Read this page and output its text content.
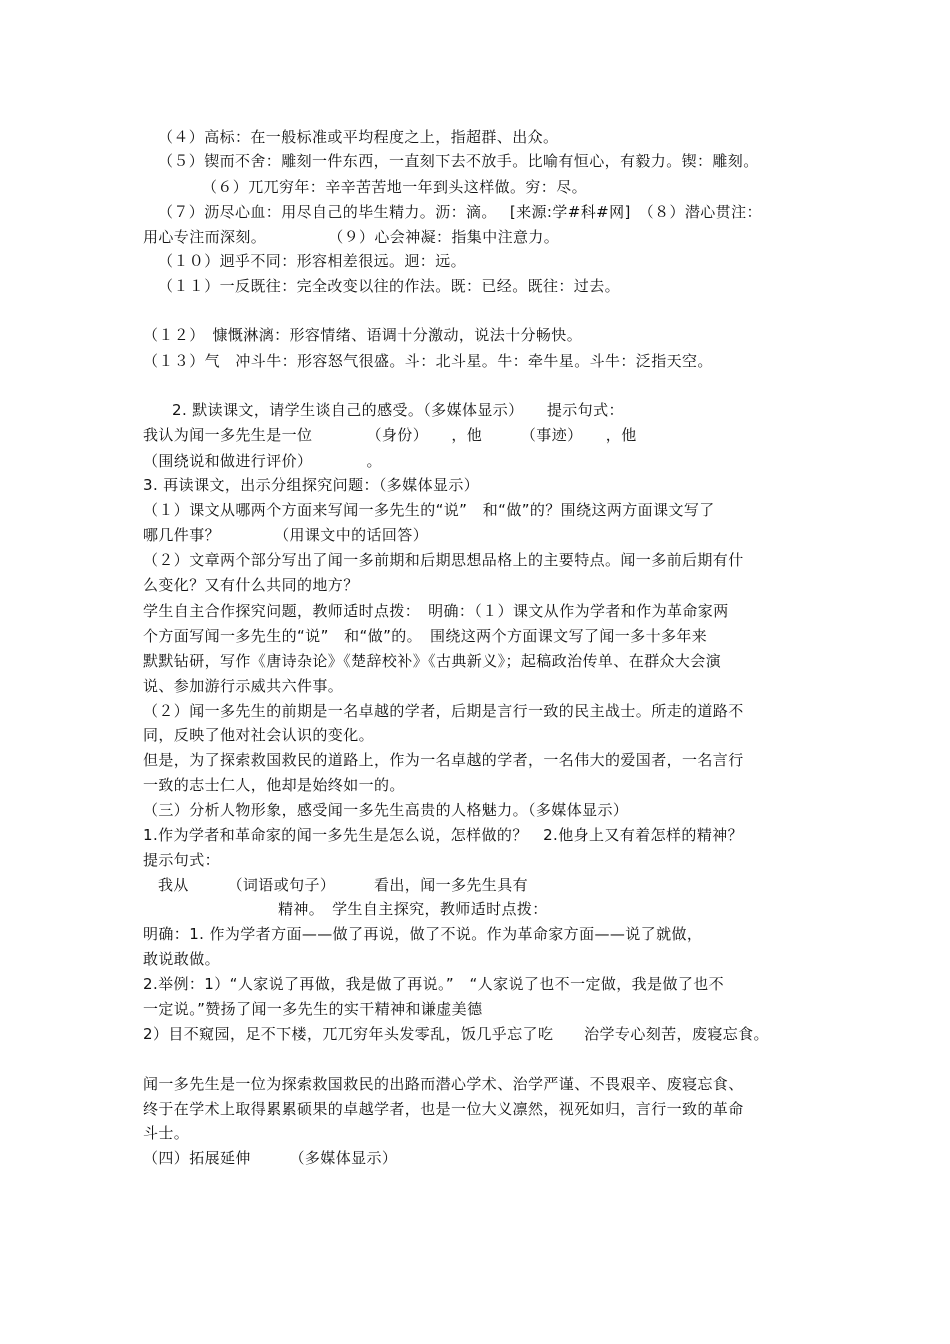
（４）高标：在一般标准或平均程度之上，指超群、出众。
（５）锲而不舍：雕刻一件东西，一直刻下去不放手。比喻有恒心，有毅力。锲：雕刻。
（６）兀兀穷年：辛辛苦苦地一年到头这样做。穷：尽。
（７）沥尽心血：用尽自己的毕生精力。沥：滴。　 [来源:学#科#网]　（８）潜心贯注：
用心专注而深刻。　　　　　（９）心会神凝：指集中注意力。
（１０）迥乎不同：形容相差很远。迥：远。
（１１）一反既往：完全改变以往的作法。既：已经。既往：过去。
（１２）　慷慨淋漓：形容情绪、语调十分激动，说法十分畅快。
（１３）气　冲斗牛：形容怒气很盛。斗：北斗星。牛：牵牛星。斗牛：泛指天空。
2. 默读课文，请学生谈自己的感受。（多媒体显示）　　提示句式：
我认为闻一多先生是一位　　　　（身份）　　，他　　　（事迹）　　，他
（围绕说和做进行评价）　　　　。
3. 再读课文，出示分组探究问题：（多媒体显示）
（１）课文从哪两个方面来写闻一多先生的“说”　和“做”的？围绕这两方面课文写了
哪几件事？　　　　（用课文中的话回答）
（２）文章两个部分写出了闻一多前期和后期思想品格上的主要特点。闻一多前后期有什
么变化？又有什么共同的地方？
学生自主合作探究问题，教师适时点拨：　明确：（１）课文从作为学者和作为革命家两
个方面写闻一多先生的“说”　和“做”的。　围绕这两个方面课文写了闻一多十多年来
默默钻研，写作《唐诗杂论》《楚辞校补》《古典新义》；起稿政治传单、在群众大会演
说、参加游行示威共六件事。
（２）闻一多先生的前期是一名卓越的学者，后期是言行一致的民主战士。所走的道路不
同，反映了他对社会认识的变化。
但是，为了探索救国救民的道路上，作为一名卓越的学者，一名伟大的爱国者，一名言行
一致的志士仁人，他却是始终如一的。
（三）分析人物形象，感受闻一多先生高贵的人格魅力。（多媒体显示）
1.作为学者和革命家的闻一多先生是怎么说，怎样做的？　2.他身上又有着怎样的精神？
提示句式：
我从　　　（词语或句子）　　　看出，闻一多先生具有
精神。　学生自主探究，教师适时点拨：
明确：1. 作为学者方面——做了再说，做了不说。作为革命家方面——说了就做，
敢说敢做。
2.举例：1）“人家说了再做，我是做了再说。”　“人家说了也不一定做，我是做了也不
一定说。”赞扬了闻一多先生的实干精神和谦虚美德
2）目不窥园，足不下楼，兀兀穷年头发零乱，饭几乎忘了吃　　治学专心刻苦，废寝忘食。
闻一多先生是一位为探索救国救民的出路而潜心学术、治学严谨、不畏艰辛、废寝忘食、
终于在学术上取得累累硕果的卓越学者，也是一位大义凛然，视死如归，言行一致的革命
斗士。
（四）拓展延伸　　　（多媒体显示）
